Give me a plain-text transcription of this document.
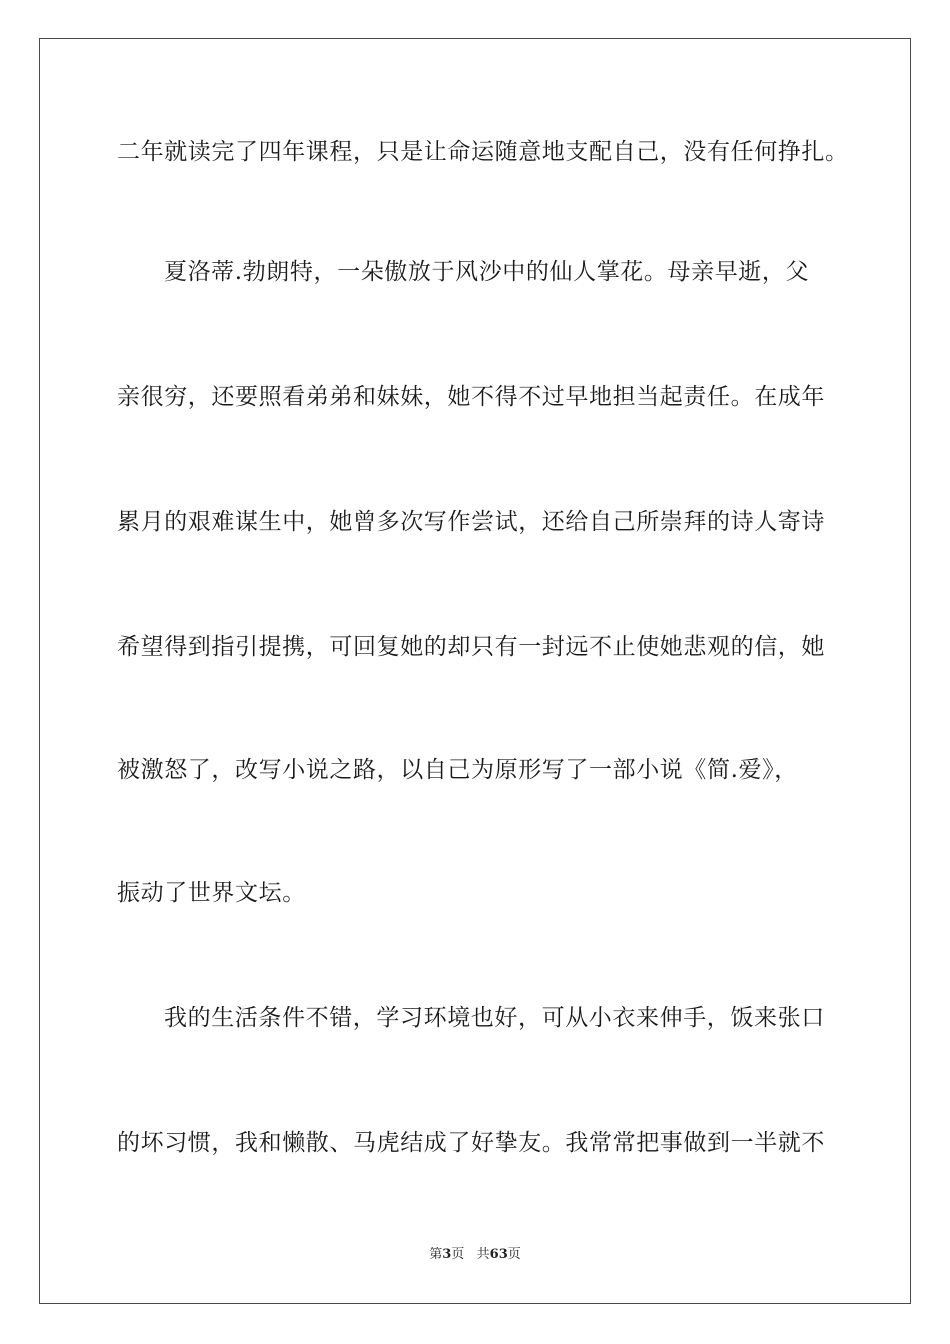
二年就读完了四年课程，只是让命运随意地支配自己，没有任何挣扎。
夏洛蒂.勃朗特，一朵傲放于风沙中的仙人掌花。母亲早逝，父
亲很穷，还要照看弟弟和妹妹，她不得不过早地担当起责任。在成年
累月的艰难谋生中，她曾多次写作尝试，还给自己所崇拜的诗人寄诗
希望得到指引提携，可回复她的却只有一封远不止使她悲观的信，她
被激怒了，改写小说之路，以自己为原形写了一部小说《简.爱》，
振动了世界文坛。
我的生活条件不错，学习环境也好，可从小衣来伸手，饭来张口
的坏习惯，我和懒散、马虎结成了好挚友。我常常把事做到一半就不
第3页   共63页
